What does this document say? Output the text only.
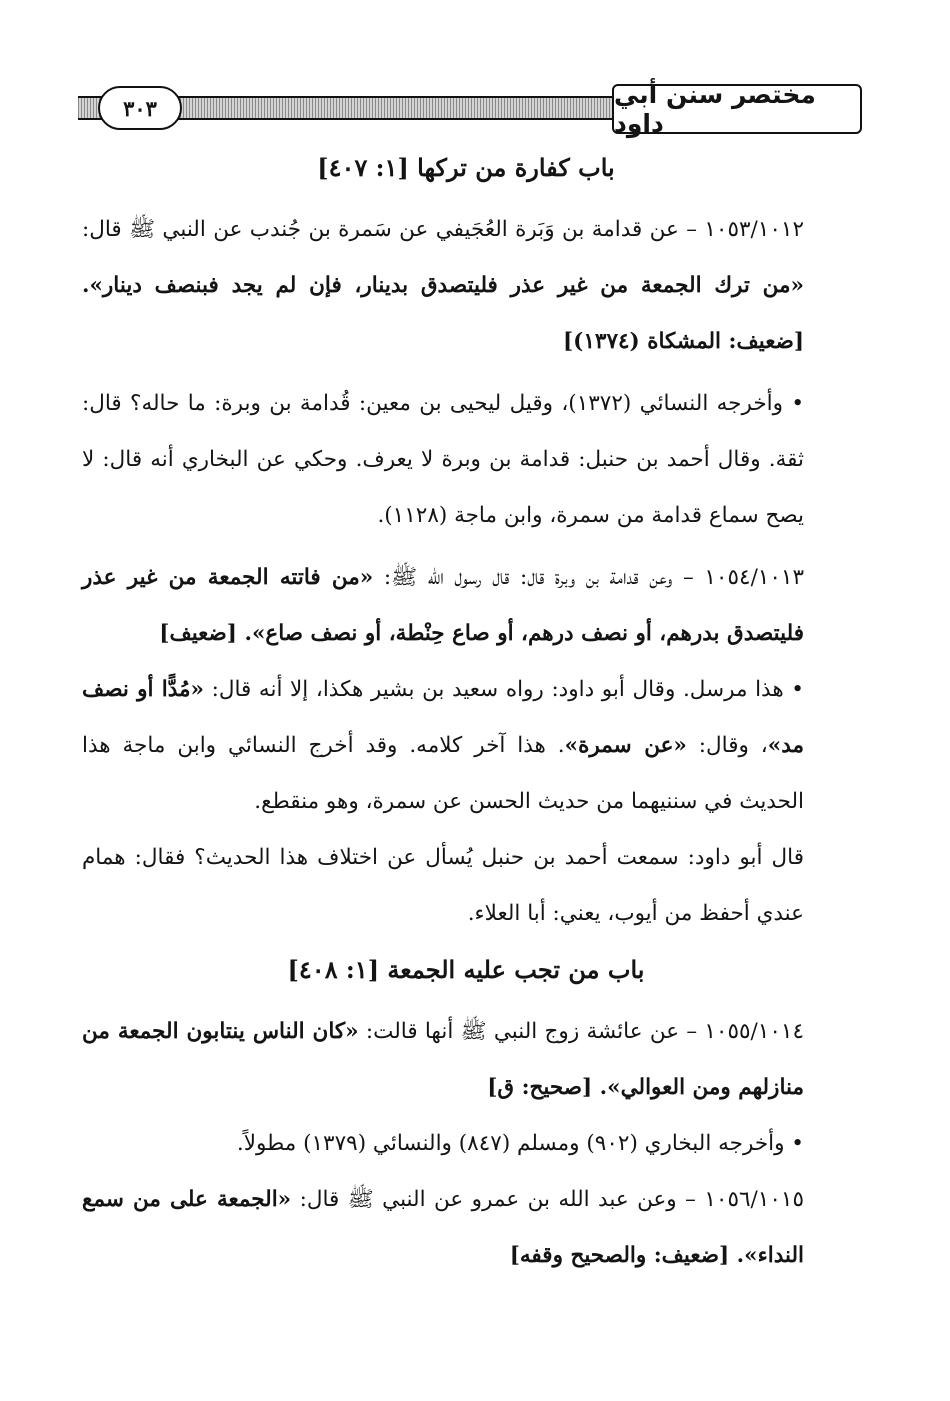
مختصر سنن أبي داود
٣٠٣

باب كفارة من تركها [١: ٤٠٧]

١٠٥٣/١٠١٢ – عن قدامة بن وَبَرة العُجَيفي عن سَمرة بن جُندب عن النبي ﷺ قال: «من ترك الجمعة من غير عذر فليتصدق بدينار، فإن لم يجد فبنصف دينار». [ضعيف: المشكاة (١٣٧٤)]

• وأخرجه النسائي (١٣٧٢)، وقيل ليحيى بن معين: قُدامة بن وبرة: ما حاله؟ قال: ثقة. وقال أحمد بن حنبل: قدامة بن وبرة لا يعرف. وحكي عن البخاري أنه قال: لا يصح سماع قدامة من سمرة، وابن ماجة (١١٢٨).

١٠٥٤/١٠١٣ – وعن قدامة بن وبرة قال: قال رسول الله ﷺ: «من فاتته الجمعة من غير عذر فليتصدق بدرهم، أو نصف درهم، أو صاع حِنْطة، أو نصف صاع». [ضعيف]

• هذا مرسل. وقال أبو داود: رواه سعيد بن بشير هكذا، إلا أنه قال: «مُدًّا أو نصف مد»، وقال: «عن سمرة». هذا آخر كلامه. وقد أخرج النسائي وابن ماجة هذا الحديث في سننيهما من حديث الحسن عن سمرة، وهو منقطع.

قال أبو داود: سمعت أحمد بن حنبل يُسأل عن اختلاف هذا الحديث؟ فقال: همام عندي أحفظ من أيوب، يعني: أبا العلاء.

باب من تجب عليه الجمعة [١: ٤٠٨]

١٠٥٥/١٠١٤ – عن عائشة زوج النبي ﷺ أنها قالت: «كان الناس ينتابون الجمعة من منازلهم ومن العوالي». [صحيح: ق]

• وأخرجه البخاري (٩٠٢) ومسلم (٨٤٧) والنسائي (١٣٧٩) مطولاً.

١٠٥٦/١٠١٥ – وعن عبد الله بن عمرو عن النبي ﷺ قال: «الجمعة على من سمع النداء». [ضعيف: والصحيح وقفه]
